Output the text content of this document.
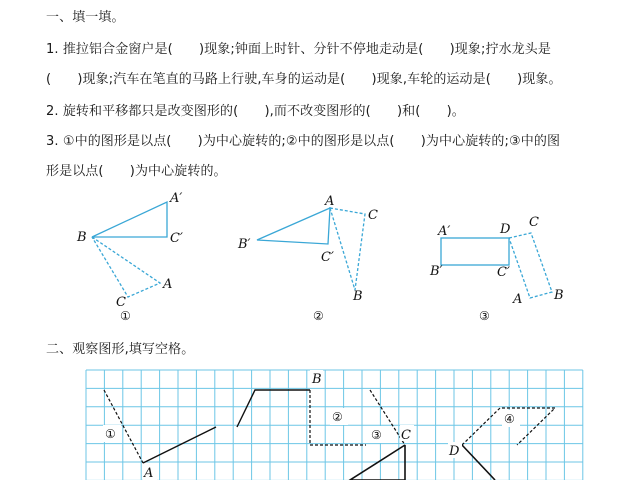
一、填一填。
1. 推拉铝合金窗户是(　　)现象;钟面上时针、分针不停地走动是(　　)现象;拧水龙头是
(　　)现象;汽车在笔直的马路上行驶,车身的运动是(　　)现象,车轮的运动是(　　)现象。
2. 旋转和平移都只是改变图形的(　　),而不改变图形的(　　)和(　　)。
3. ①中的图形是以点(　　)为中心旋转的;②中的图形是以点(　　)为中心旋转的;③中的图
形是以点(　　)为中心旋转的。
A′
B	C′
A
C
①
A
C
B′
C′
B
②
A′	D C
B′	C′
A B
③
二、观察图形,填写空格。
①
②
③
④
B
C
A
D
